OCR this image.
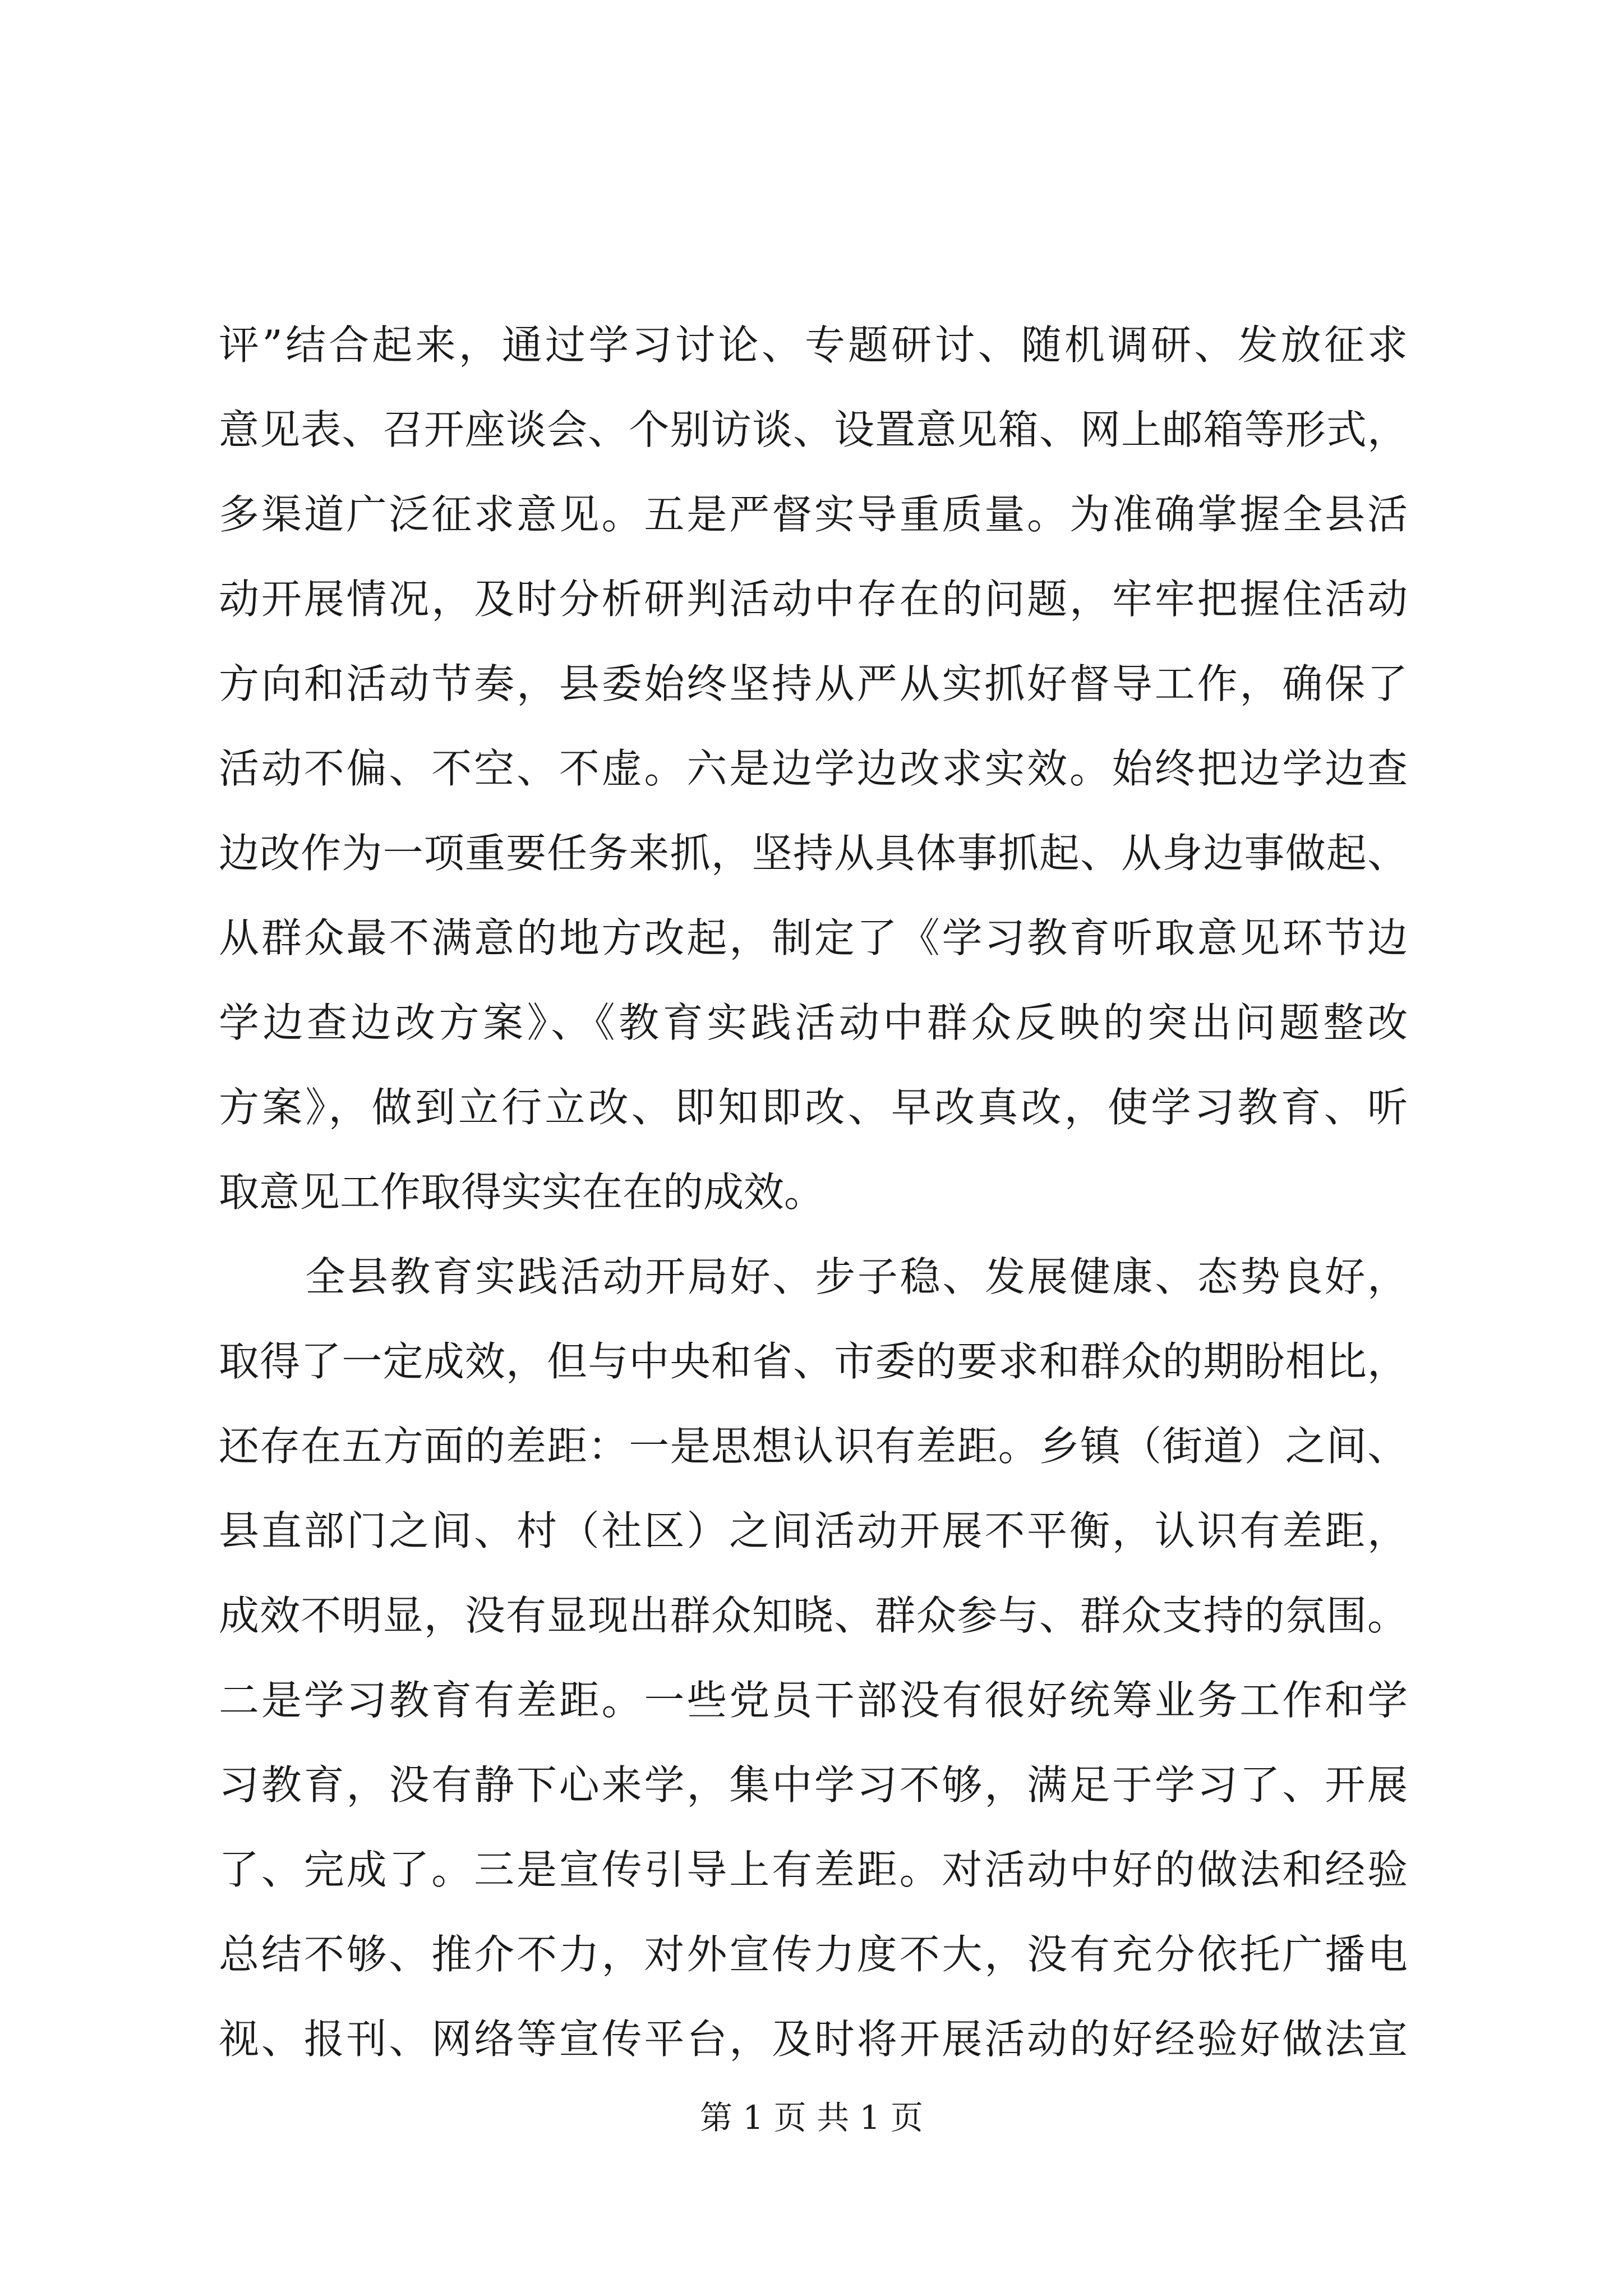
评”结合起来，通过学习讨论、专题研讨、随机调研、发放征求
意见表、召开座谈会、个别访谈、设置意见箱、网上邮箱等形式，
多渠道广泛征求意见。五是严督实导重质量。为准确掌握全县活
动开展情况，及时分析研判活动中存在的问题，牢牢把握住活动
方向和活动节奏，县委始终坚持从严从实抓好督导工作，确保了
活动不偏、不空、不虚。六是边学边改求实效。始终把边学边查
边改作为一项重要任务来抓，坚持从具体事抓起、从身边事做起、
从群众最不满意的地方改起，制定了《学习教育听取意见环节边
学边查边改方案》、《教育实践活动中群众反映的突出问题整改
方案》，做到立行立改、即知即改、早改真改，使学习教育、听
取意见工作取得实实在在的成效。
全县教育实践活动开局好、步子稳、发展健康、态势良好，
取得了一定成效，但与中央和省、市委的要求和群众的期盼相比，
还存在五方面的差距：一是思想认识有差距。乡镇（街道）之间、
县直部门之间、村（社区）之间活动开展不平衡，认识有差距，
成效不明显，没有显现出群众知晓、群众参与、群众支持的氛围。
二是学习教育有差距。一些党员干部没有很好统筹业务工作和学
习教育，没有静下心来学，集中学习不够，满足于学习了、开展
了、完成了。三是宣传引导上有差距。对活动中好的做法和经验
总结不够、推介不力，对外宣传力度不大，没有充分依托广播电
视、报刊、网络等宣传平台，及时将开展活动的好经验好做法宣
第 1 页 共 1 页
